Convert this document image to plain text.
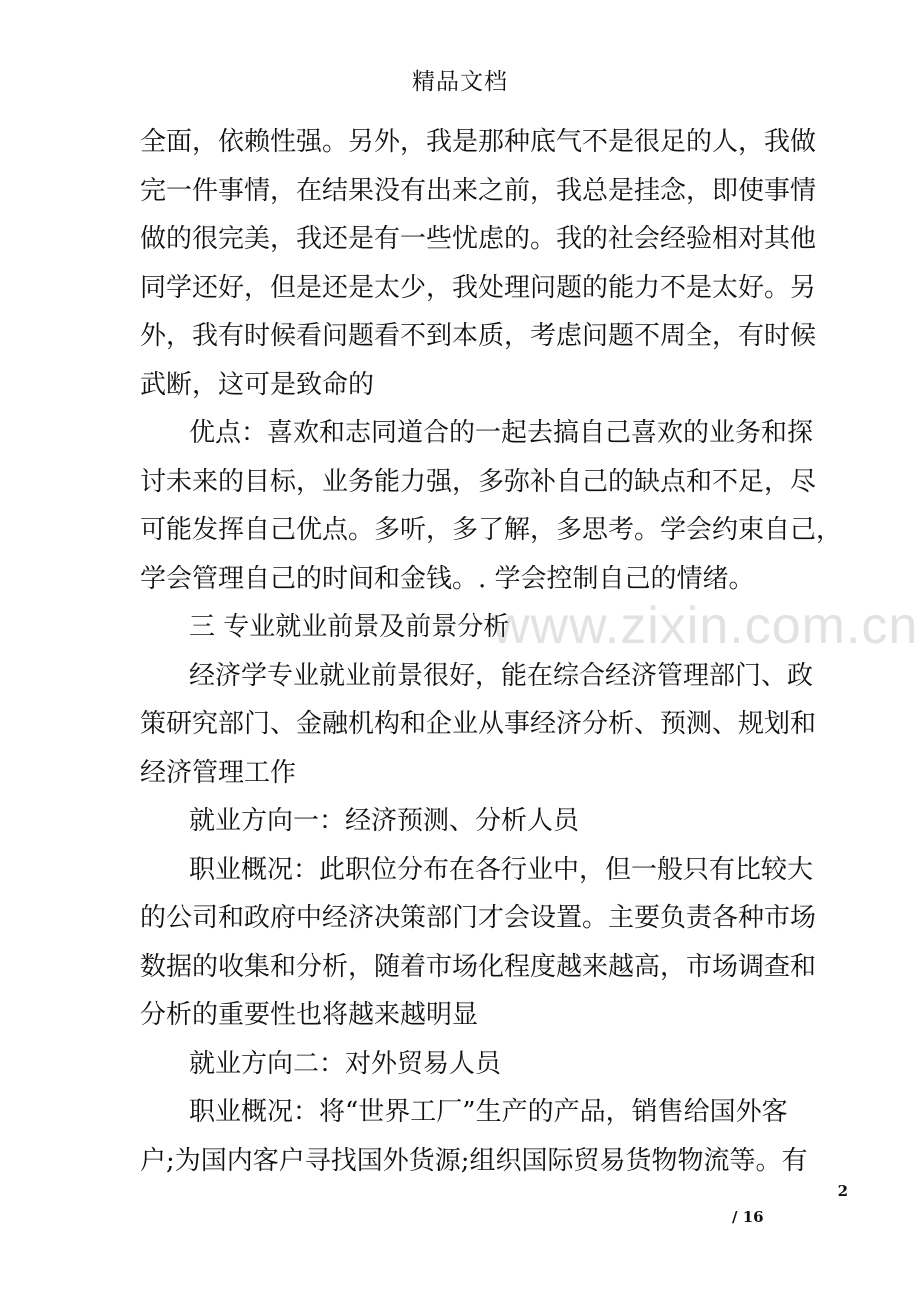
精品文档
www.zixin.com.cn
全面，依赖性强。另外，我是那种底气不是很足的人，我做
完一件事情，在结果没有出来之前，我总是挂念，即使事情
做的很完美，我还是有一些忧虑的。我的社会经验相对其他
同学还好，但是还是太少，我处理问题的能力不是太好。另
外，我有时候看问题看不到本质，考虑问题不周全，有时候
武断，这可是致命的
优点：喜欢和志同道合的一起去搞自己喜欢的业务和探
讨未来的目标，业务能力强，多弥补自己的缺点和不足，尽
可能发挥自己优点。多听，多了解，多思考。学会约束自己，
学会管理自己的时间和金钱。. 学会控制自己的情绪。
三 专业就业前景及前景分析
经济学专业就业前景很好，能在综合经济管理部门、政
策研究部门、金融机构和企业从事经济分析、预测、规划和
经济管理工作
就业方向一：经济预测、分析人员
职业概况：此职位分布在各行业中，但一般只有比较大
的公司和政府中经济决策部门才会设置。主要负责各种市场
数据的收集和分析，随着市场化程度越来越高，市场调查和
分析的重要性也将越来越明显
就业方向二：对外贸易人员
职业概况：将“世界工厂”生产的产品，销售给国外客
户;为国内客户寻找国外货源;组织国际贸易货物物流等。有
2
/ 16
